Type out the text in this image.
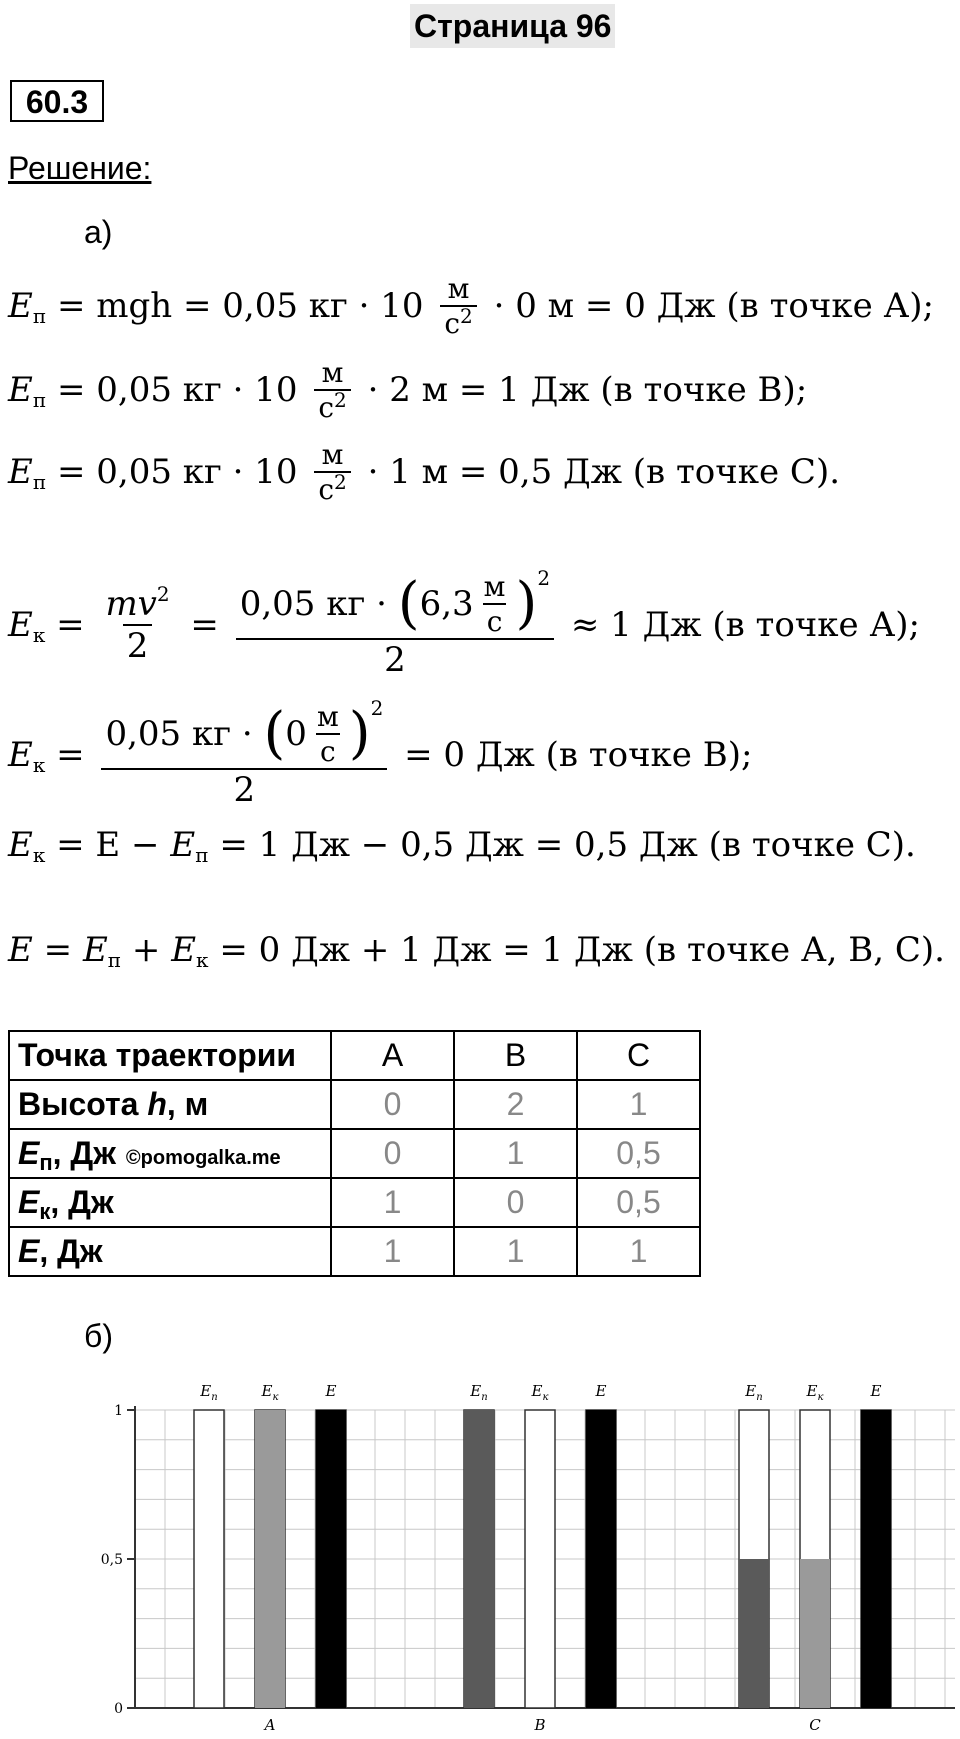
Страница 96
60.3
Решение:
а)
E п = mgh = 0,05 кг · $10 \frac{м}{с^2} \cdot 0$ м = 0 Дж (в точке А);
E п = 0,05 кг · $10 \frac{м}{с^2} \cdot 2$ м = 1 Дж (в точке В);
E п = 0,05 кг · $10 \frac{м}{с^2} \cdot 1$ м = 0,5 Дж (в точке С).
E $к = \frac{mv^2}{2} = \frac{0,05 кг \cdot ( 6,3 \frac{м}{с} ) 2}{2} \approx 1$ Дж (в точке А);
E $к = \frac{0,05 кг \cdot ( 0 \frac{м}{с} ) 2}{2} = 0$ Дж (в точке В);
E к = E − E п = 1 Дж − 0,5 Дж = 0,5 Дж (в точке С).
E = E п + E к = 0 Дж + 1 Дж = 1 Дж (в точке А, В, С).
Точка траектории	А	В	С
Высота h, м	0	2	1
Eп, Дж ©pomogalka.me	0	1	0,5
Eк, Дж	1	0	0,5
E, Дж	1	1	1
б)
0
0,5
1
$E_п$	$E_к$	E
A
$E_п$	$E_к$	E
B
$E_п$	$E_к$	E
C
